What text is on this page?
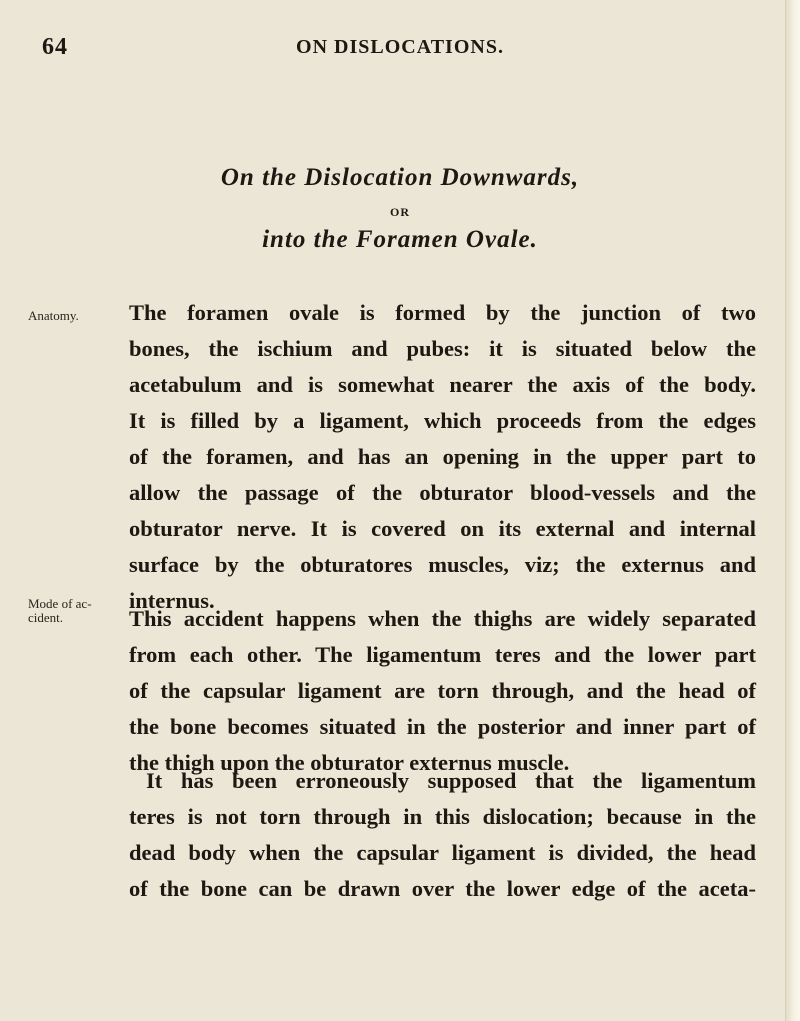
64	ON DISLOCATIONS.
On the Dislocation Downwards,
OR
into the Foramen Ovale.
Anatomy.
Mode of ac-
cident.
The foramen ovale is formed by the junction of two
bones, the ischium and pubes: it is situated below the
acetabulum and is somewhat nearer the axis of the body.
It is filled by a ligament, which proceeds from the edges
of the foramen, and has an opening in the upper part to
allow the passage of the obturator blood-vessels and the
obturator nerve. It is covered on its external and internal
surface by the obturatores muscles, viz; the externus and
internus.
This accident happens when the thighs are widely separated
from each other. The ligamentum teres and the lower part
of the capsular ligament are torn through, and the head of
the bone becomes situated in the posterior and inner part of
the thigh upon the obturator externus muscle.
It has been erroneously supposed that the ligamentum
teres is not torn through in this dislocation; because in the
dead body when the capsular ligament is divided, the head
of the bone can be drawn over the lower edge of the aceta-
